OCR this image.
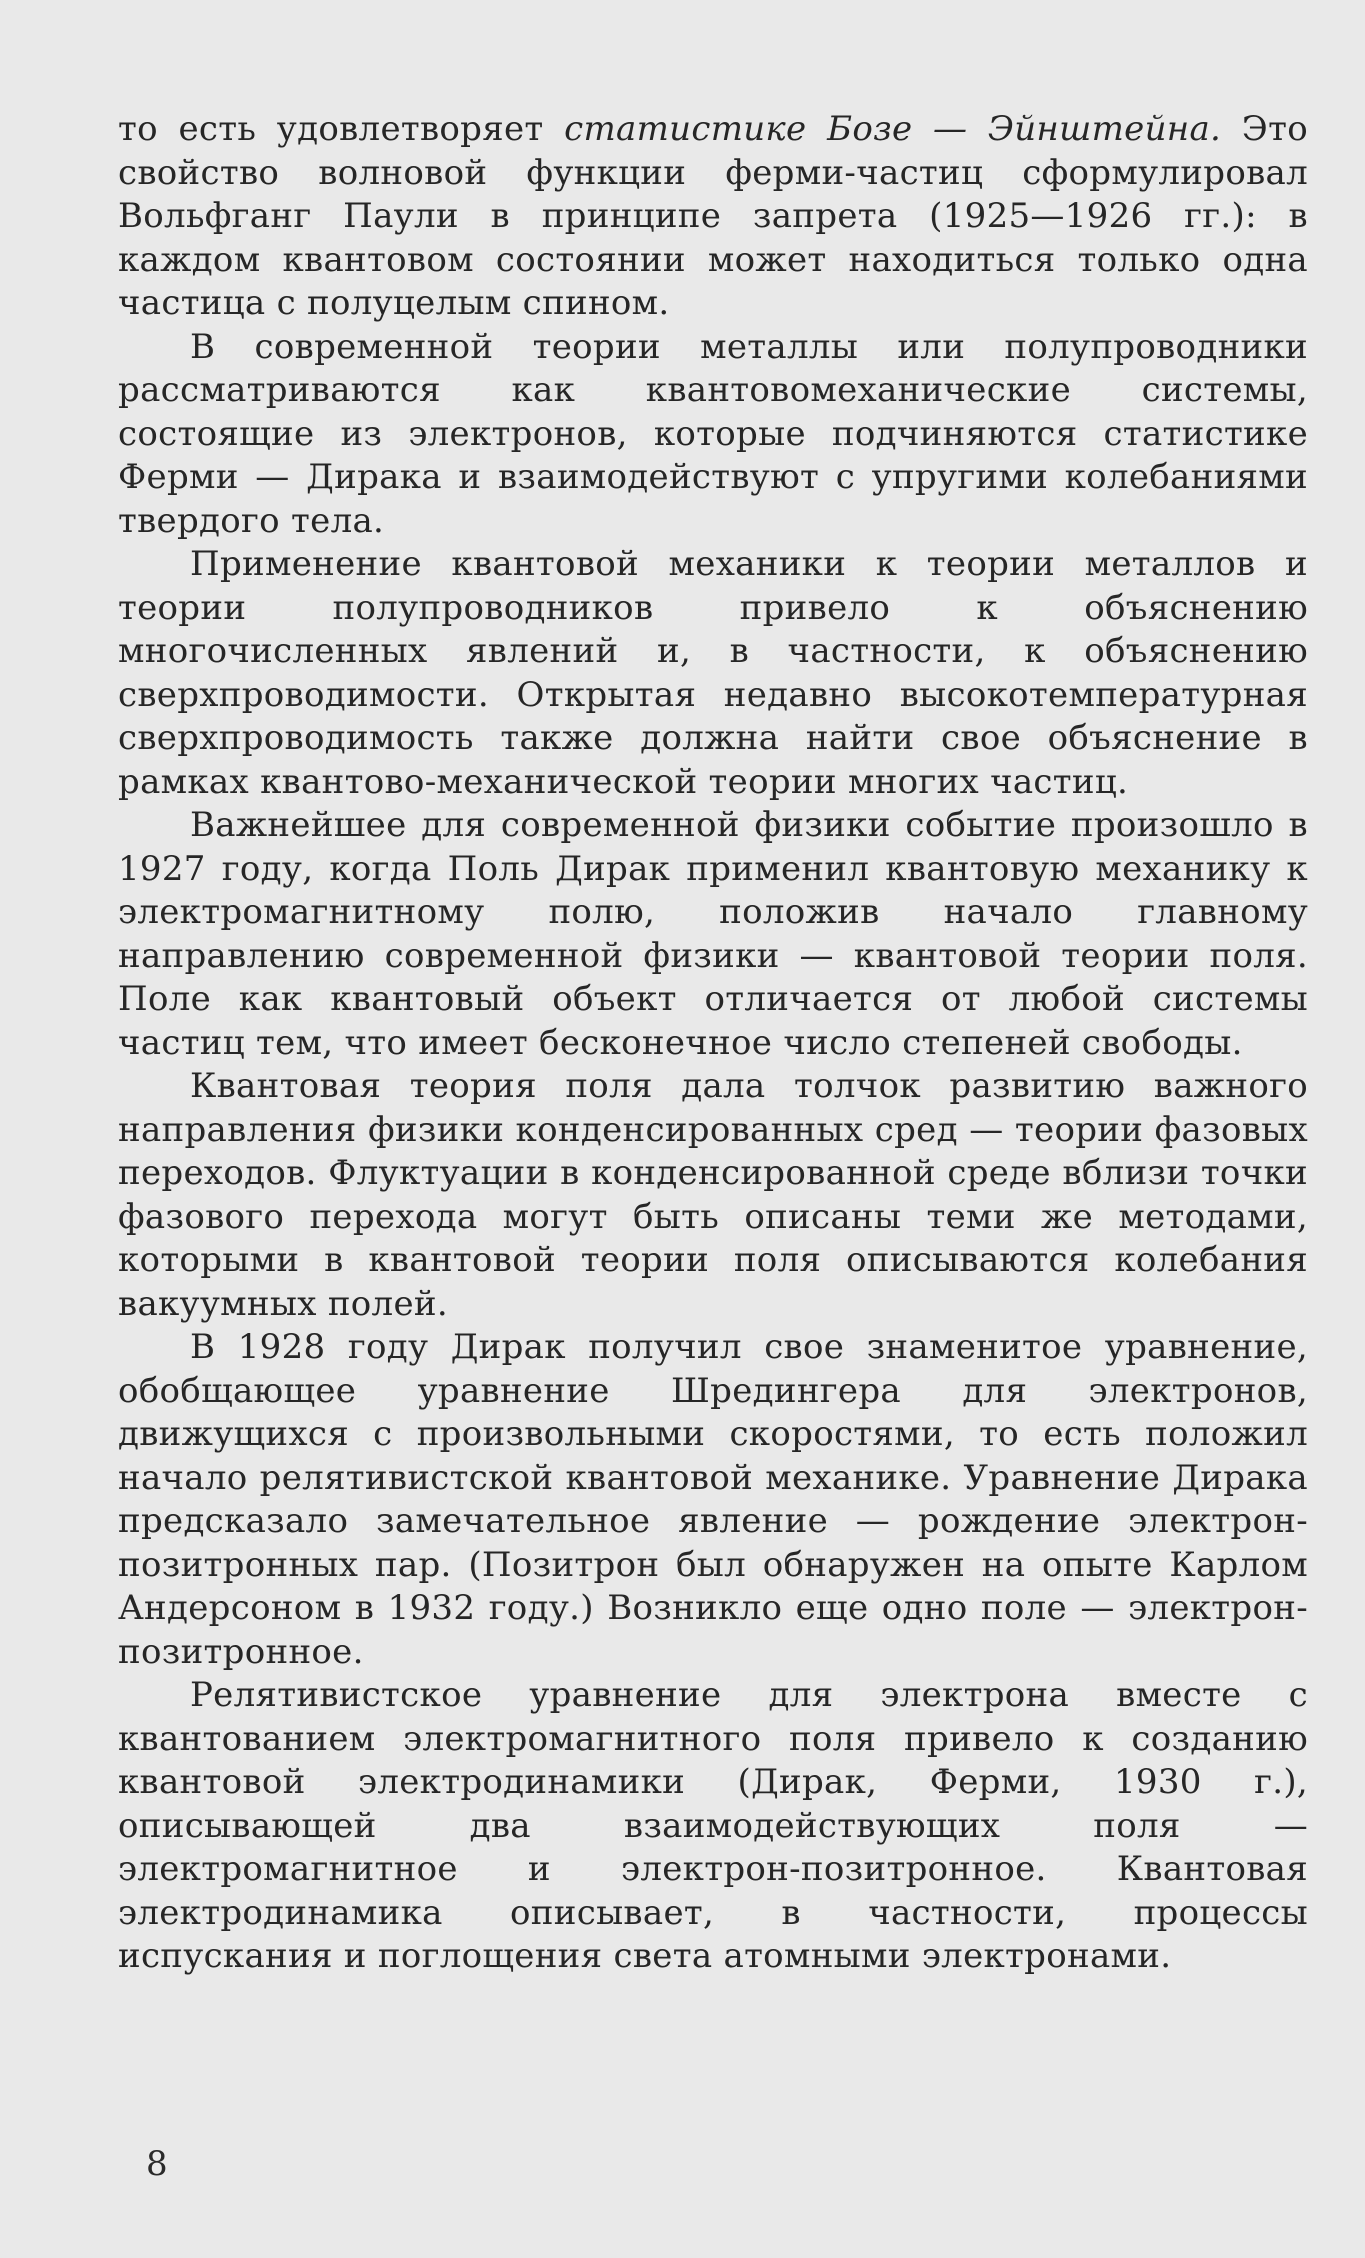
то есть удовлетворяет статистике Бозе — Эйнштейна. Это свойство волновой функции ферми-частиц сформулировал Вольфганг Паули в принципе запрета (1925—1926 гг.): в каждом квантовом состоянии может находиться только одна частица с полуцелым спином.

В современной теории металлы или полупроводники рассматриваются как квантовомеханические системы, состоящие из электронов, которые подчиняются статистике Ферми — Дирака и взаимодействуют с упругими колебаниями твердого тела.

Применение квантовой механики к теории металлов и теории полупроводников привело к объяснению многочисленных явлений и, в частности, к объяснению сверхпроводимости. Открытая недавно высокотемпературная сверхпроводимость также должна найти свое объяснение в рамках квантово-механической теории многих частиц.

Важнейшее для современной физики событие произошло в 1927 году, когда Поль Дирак применил квантовую механику к электромагнитному полю, положив начало главному направлению современной физики — квантовой теории поля. Поле как квантовый объект отличается от любой системы частиц тем, что имеет бесконечное число степеней свободы.

Квантовая теория поля дала толчок развитию важного направления физики конденсированных сред — теории фазовых переходов. Флуктуации в конденсированной среде вблизи точки фазового перехода могут быть описаны теми же методами, которыми в квантовой теории поля описываются колебания вакуумных полей.

В 1928 году Дирак получил свое знаменитое уравнение, обобщающее уравнение Шредингера для электронов, движущихся с произвольными скоростями, то есть положил начало релятивистской квантовой механике. Уравнение Дирака предсказало замечательное явление — рождение электрон-позитронных пар. (Позитрон был обнаружен на опыте Карлом Андерсоном в 1932 году.) Возникло еще одно поле — электрон-позитронное.

Релятивистское уравнение для электрона вместе с квантованием электромагнитного поля привело к созданию квантовой электродинамики (Дирак, Ферми, 1930 г.), описывающей два взаимодействующих поля — электромагнитное и электрон-позитронное. Квантовая электродинамика описывает, в частности, процессы испускания и поглощения света атомными электронами.

8
